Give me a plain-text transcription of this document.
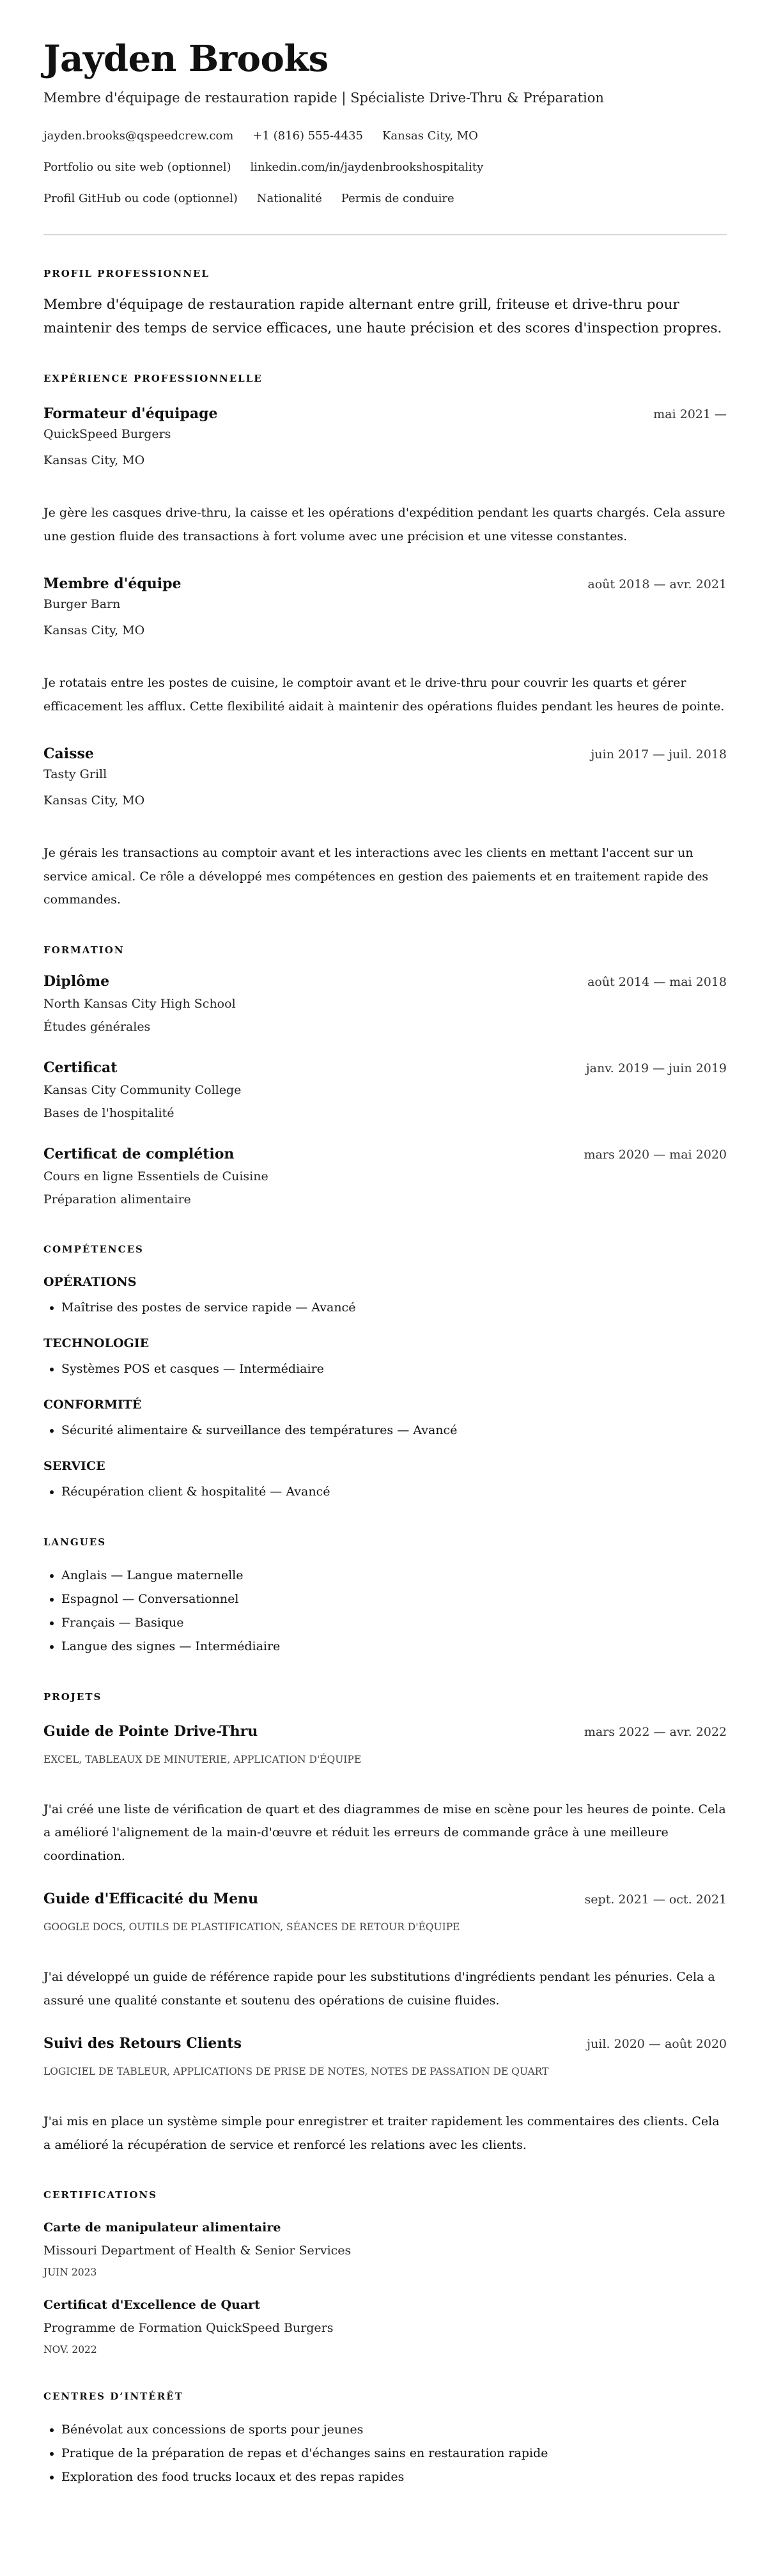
Jayden Brooks
Membre d'équipage de restauration rapide | Spécialiste Drive-Thru & Préparation
jayden.brooks@qspeedcrew.com +1 (816) 555-4435 Kansas City, MO
Portfolio ou site web (optionnel) linkedin.com/in/jaydenbrookshospitality
Profil GitHub ou code (optionnel) Nationalité Permis de conduire
PROFIL PROFESSIONNEL
Membre d'équipage de restauration rapide alternant entre grill, friteuse et drive-thru pour maintenir des temps de service efficaces, une haute précision et des scores d'inspection propres.
EXPÉRIENCE PROFESSIONNELLE
Formateur d'équipage	mai 2021 —
QuickSpeed Burgers
Kansas City, MO
Je gère les casques drive-thru, la caisse et les opérations d'expédition pendant les quarts chargés. Cela assure une gestion fluide des transactions à fort volume avec une précision et une vitesse constantes.
Membre d'équipe	août 2018 — avr. 2021
Burger Barn
Kansas City, MO
Je rotatais entre les postes de cuisine, le comptoir avant et le drive-thru pour couvrir les quarts et gérer efficacement les afflux. Cette flexibilité aidait à maintenir des opérations fluides pendant les heures de pointe.
Caisse	juin 2017 — juil. 2018
Tasty Grill
Kansas City, MO
Je gérais les transactions au comptoir avant et les interactions avec les clients en mettant l'accent sur un service amical. Ce rôle a développé mes compétences en gestion des paiements et en traitement rapide des commandes.
FORMATION
Diplôme	août 2014 — mai 2018
North Kansas City High School
Études générales
Certificat	janv. 2019 — juin 2019
Kansas City Community College
Bases de l'hospitalité
Certificat de complétion	mars 2020 — mai 2020
Cours en ligne Essentiels de Cuisine
Préparation alimentaire
COMPÉTENCES
OPÉRATIONS
• Maîtrise des postes de service rapide — Avancé
TECHNOLOGIE
• Systèmes POS et casques — Intermédiaire
CONFORMITÉ
• Sécurité alimentaire & surveillance des températures — Avancé
SERVICE
• Récupération client & hospitalité — Avancé
LANGUES
• Anglais — Langue maternelle
• Espagnol — Conversationnel
• Français — Basique
• Langue des signes — Intermédiaire
PROJETS
Guide de Pointe Drive-Thru	mars 2022 — avr. 2022
EXCEL, TABLEAUX DE MINUTERIE, APPLICATION D'ÉQUIPE
J'ai créé une liste de vérification de quart et des diagrammes de mise en scène pour les heures de pointe. Cela a amélioré l'alignement de la main-d'œuvre et réduit les erreurs de commande grâce à une meilleure coordination.
Guide d'Efficacité du Menu	sept. 2021 — oct. 2021
GOOGLE DOCS, OUTILS DE PLASTIFICATION, SÉANCES DE RETOUR D'ÉQUIPE
J'ai développé un guide de référence rapide pour les substitutions d'ingrédients pendant les pénuries. Cela a assuré une qualité constante et soutenu des opérations de cuisine fluides.
Suivi des Retours Clients	juil. 2020 — août 2020
LOGICIEL DE TABLEUR, APPLICATIONS DE PRISE DE NOTES, NOTES DE PASSATION DE QUART
J'ai mis en place un système simple pour enregistrer et traiter rapidement les commentaires des clients. Cela a amélioré la récupération de service et renforcé les relations avec les clients.
CERTIFICATIONS
Carte de manipulateur alimentaire
Missouri Department of Health & Senior Services
JUIN 2023
Certificat d'Excellence de Quart
Programme de Formation QuickSpeed Burgers
NOV. 2022
CENTRES D’INTÉRÊT
• Bénévolat aux concessions de sports pour jeunes
• Pratique de la préparation de repas et d'échanges sains en restauration rapide
• Exploration des food trucks locaux et des repas rapides
